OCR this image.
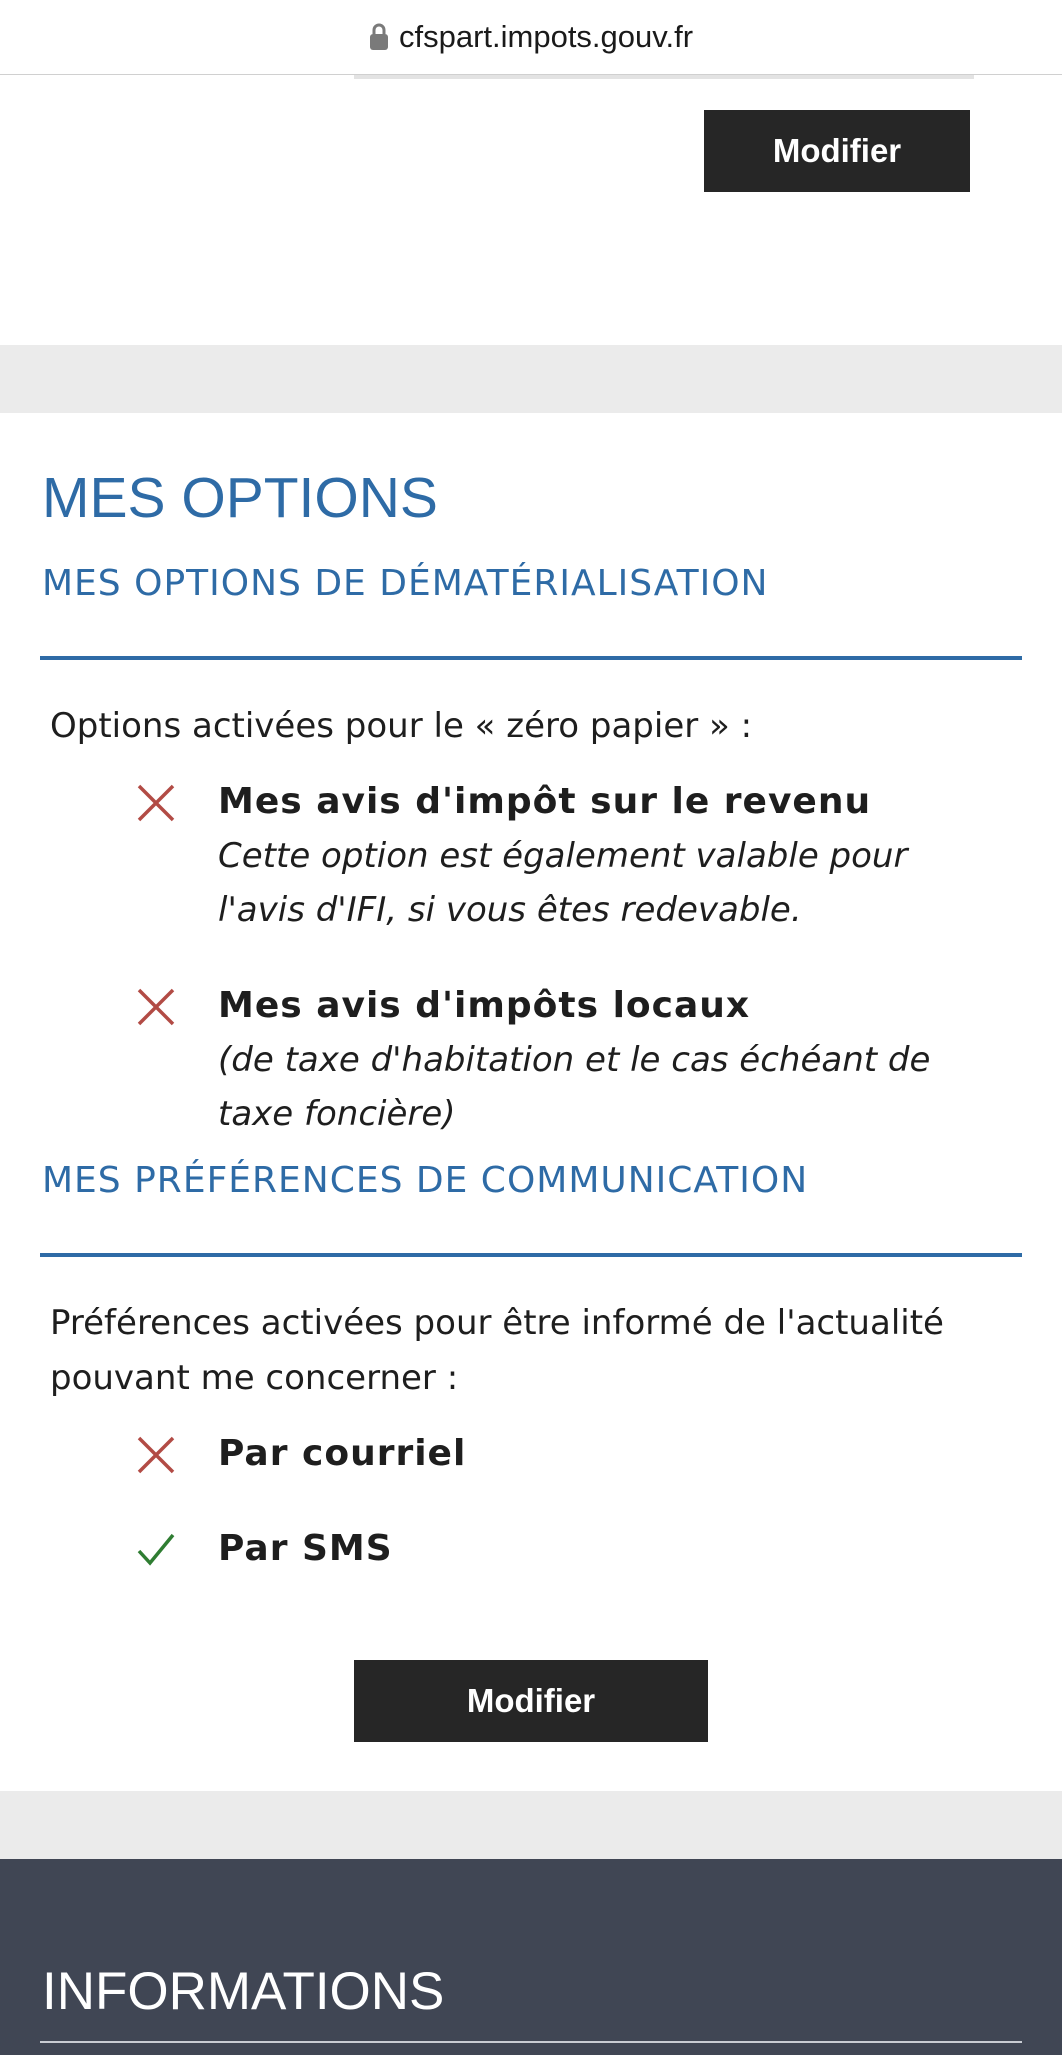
cfspart.impots.gouv.fr
Modifier
MES OPTIONS
MES OPTIONS DE DÉMATÉRIALISATION
Options activées pour le « zéro papier » :
Mes avis d'impôt sur le revenu
Cette option est également valable pour l'avis d'IFI, si vous êtes redevable.
Mes avis d'impôts locaux
(de taxe d'habitation et le cas échéant de taxe foncière)
MES PRÉFÉRENCES DE COMMUNICATION
Préférences activées pour être informé de l'actualité pouvant me concerner :
Par courriel
Par SMS
Modifier
INFORMATIONS
